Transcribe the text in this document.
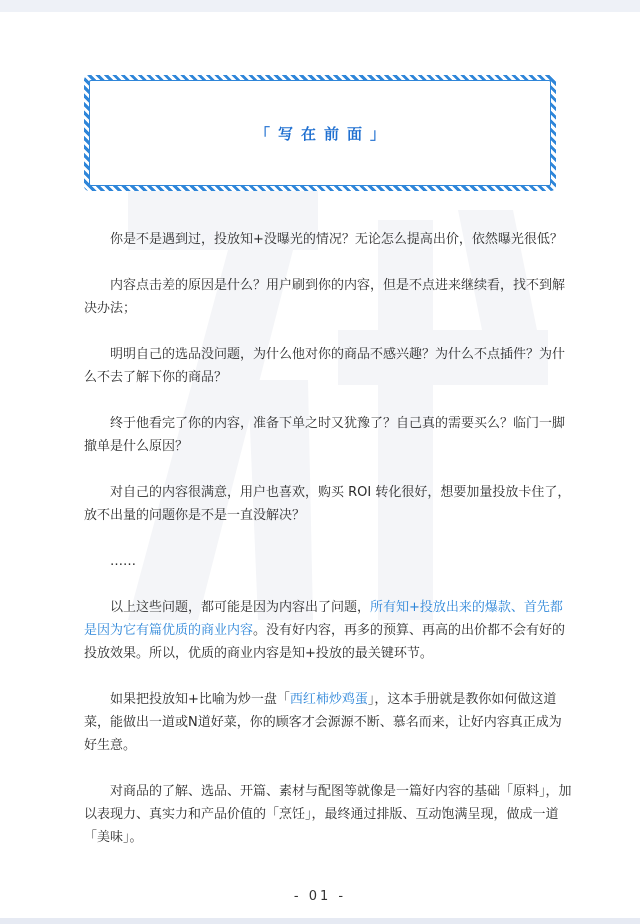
「写在前面」

你是不是遇到过，投放知+没曝光的情况？无论怎么提高出价，依然曝光很低？

内容点击差的原因是什么？用户刷到你的内容，但是不点进来继续看，找不到解决办法；

明明自己的选品没问题，为什么他对你的商品不感兴趣？为什么不点插件？为什么不去了解下你的商品？

终于他看完了你的内容，准备下单之时又犹豫了？自己真的需要买么？临门一脚撤单是什么原因？

对自己的内容很满意，用户也喜欢，购买 ROI 转化很好，想要加量投放卡住了，放不出量的问题你是不是一直没解决？

……

以上这些问题，都可能是因为内容出了问题，所有知+投放出来的爆款、首先都是因为它有篇优质的商业内容。没有好内容，再多的预算、再高的出价都不会有好的投放效果。所以，优质的商业内容是知+投放的最关键环节。

如果把投放知+比喻为炒一盘「西红柿炒鸡蛋」，这本手册就是教你如何做这道菜，能做出一道或N道好菜，你的顾客才会源源不断、慕名而来，让好内容真正成为好生意。

对商品的了解、选品、开篇、素材与配图等就像是一篇好内容的基础「原料」，加以表现力、真实力和产品价值的「烹饪」，最终通过排版、互动饱满呈现，做成一道「美味」。

- 01 -
